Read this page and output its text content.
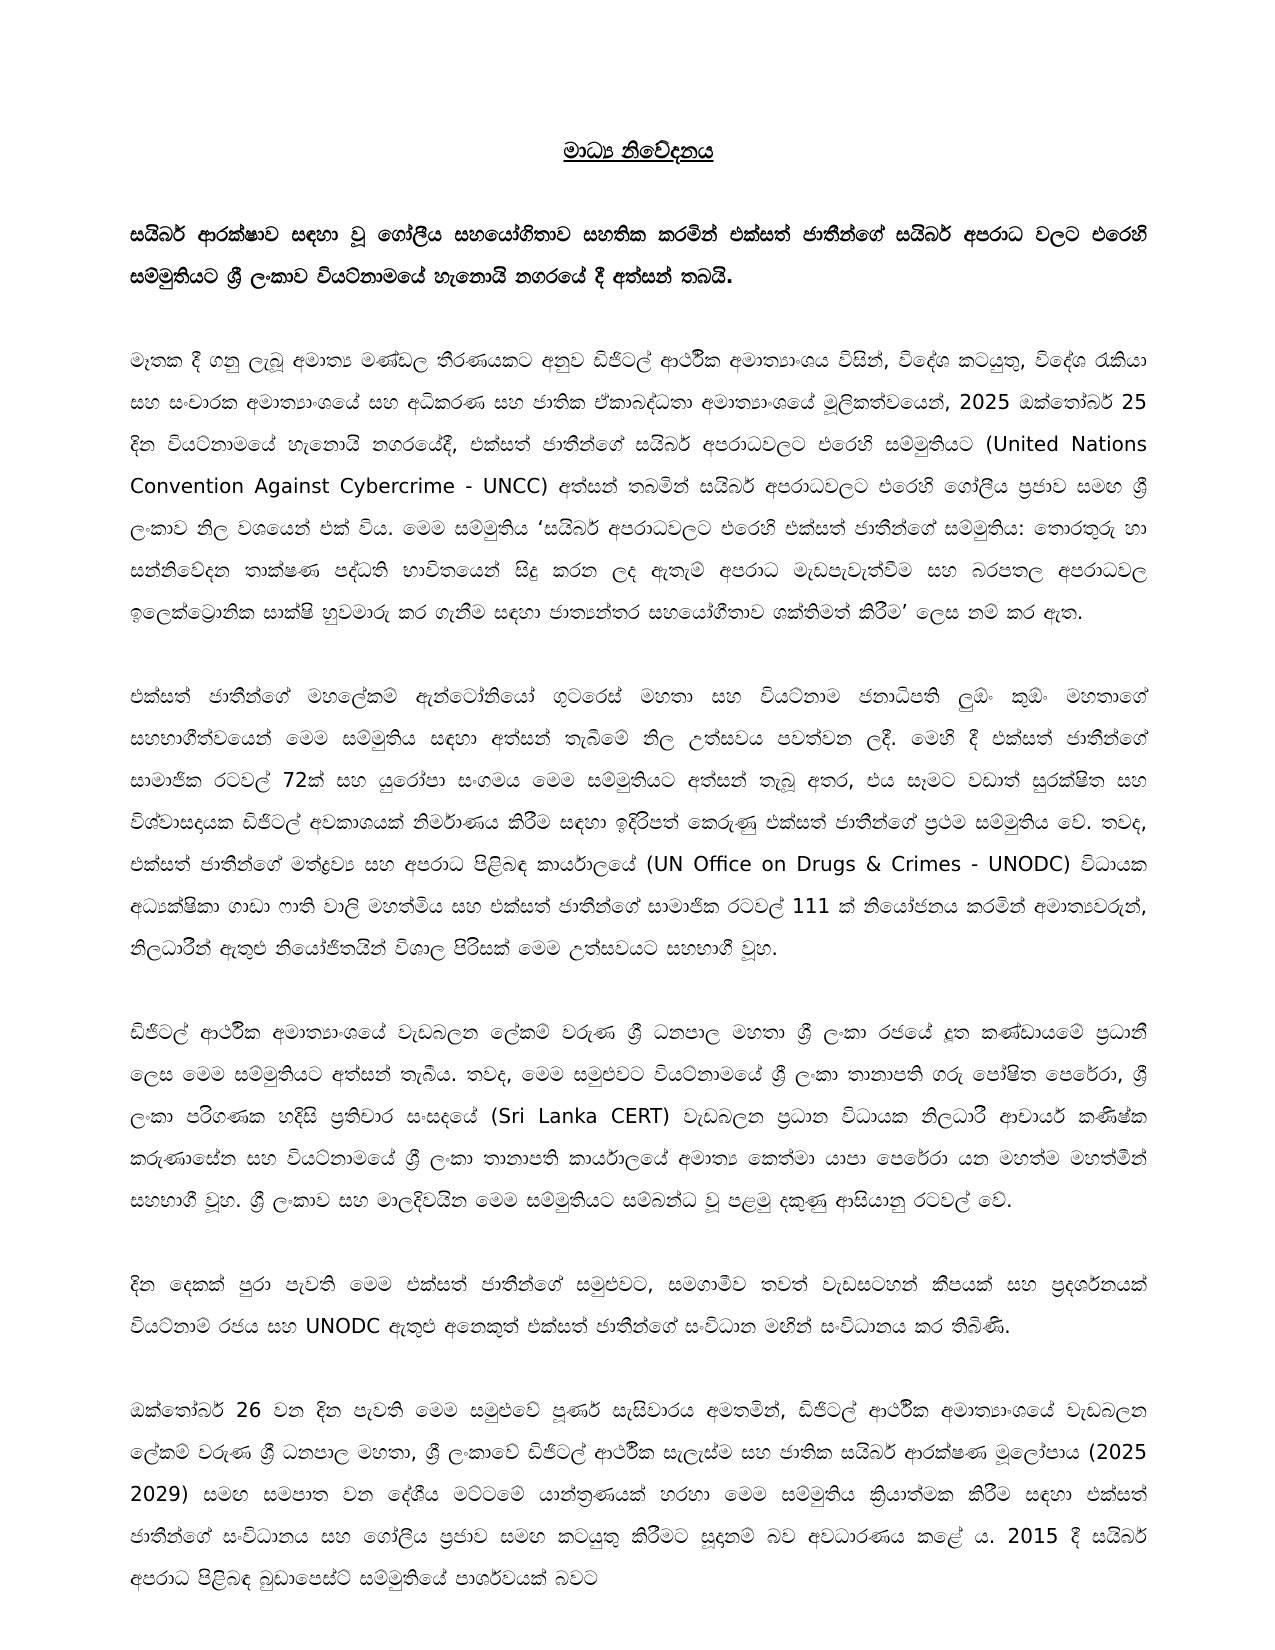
මාධ්‍ය නිවේදනය

සයිබර් ආරක්ෂාව සඳහා වූ ගෝලීය සහයෝගිතාව සහතික කරමින් එක්සත් ජාතීන්ගේ සයිබර් අපරාධ වලට එරෙහි සම්මුතියට ශ්‍රී ලංකාව වියට්නාමයේ හැනොයි නගරයේ දී අත්සන් තබයි.

මෑතක දී ගනු ලැබූ අමාත්‍ය මණ්ඩල තීරණයකට අනුව ඩිජිටල් ආර්ථික අමාත්‍යාංශය විසින්, විදේශ කටයුතු, විදේශ රැකියා සහ සංචාරක අමාත්‍යාංශයේ සහ අධිකරණ සහ ජාතික ඒකාබද්ධතා අමාත්‍යාංශයේ මූලිකත්වයෙන්, 2025 ඔක්තෝබර් 25 දින වියට්නාමයේ හැනොයි නගරයේදී, එක්සත් ජාතීන්ගේ සයිබර් අපරාධවලට එරෙහි සම්මුතියට (United Nations Convention Against Cybercrime - UNCC) අත්සන් තබමින් සයිබර් අපරාධවලට එරෙහි ගෝලීය ප්‍රජාව සමඟ ශ්‍රී ලංකාව නිල වශයෙන් එක් විය. මෙම සම්මුතිය ‘සයිබර් අපරාධවලට එරෙහි එක්සත් ජාතීන්ගේ සම්මුතිය: තොරතුරු හා සන්නිවේදන තාක්ෂණ පද්ධති භාවිතයෙන් සිදු කරන ලද ඇතැම් අපරාධ මැඩපැවැත්වීම සහ බරපතල අපරාධවල ඉලෙක්ට්‍රොනික සාක්ෂි හුවමාරු කර ගැනීම සඳහා ජාත්‍යන්තර සහයෝගීතාව ශක්තිමත් කිරීම’ ලෙස නම් කර ඇත.

එක්සත් ජාතීන්ගේ මහලේකම් ඇන්ටෝනියෝ ගුටරෙස් මහතා සහ වියට්නාම ජනාධිපති ලුඕං කුඕං මහතාගේ සහභාගීත්වයෙන් මෙම සම්මුතිය සඳහා අත්සන් තැබීමේ නිල උත්සවය පවත්වන ලදී. මෙහි දී එක්සත් ජාතීන්ගේ සාමාජික රටවල් 72ක් සහ යුරෝපා සංගමය මෙම සම්මුතියට අත්සන් තැබූ අතර, එය සෑමට වඩාත් සුරක්ෂිත සහ විශ්වාසදායක ඩිජිටල් අවකාශයක් නිර්මාණය කිරීම සඳහා ඉදිරිපත් කෙරුණු එක්සත් ජාතීන්ගේ ප්‍රථම සම්මුතිය වේ. තවද, එක්සත් ජාතීන්ගේ මත්ද්‍රව්‍ය සහ අපරාධ පිළිබඳ කාර්යාලයේ (UN Office on Drugs & Crimes - UNODC) විධායක අධ්‍යක්ෂිකා ගාඩා ෆාති වාලි මහත්මිය සහ එක්සත් ජාතීන්ගේ සාමාජික රටවල් 111 ක් නියෝජනය කරමින් අමාත්‍යවරුන්, නිලධාරීන් ඇතුළු නියෝජිතයින් විශාල පිරිසක් මෙම උත්සවයට සහභාගී වූහ.

ඩිජිටල් ආර්ථික අමාත්‍යාංශයේ වැඩබලන ලේකම් වරුණ ශ්‍රී ධනපාල මහතා ශ්‍රී ලංකා රජයේ දූත කණ්ඩායමේ ප්‍රධානී ලෙස මෙම සම්මුතියට අත්සන් තැබීය. තවද, මෙම සමුළුවට වියට්නාමයේ ශ්‍රී ලංකා තානාපති ගරු පෝෂිත පෙරේරා, ශ්‍රී ලංකා පරිගණක හදිසි ප්‍රතිචාර සංසදයේ (Sri Lanka CERT) වැඩබලන ප්‍රධාන විධායක නිලධාරී ආචාර්ය කණිෂ්ක කරුණාසේන සහ වියට්නාමයේ ශ්‍රී ලංකා තානාපති කාර්යාලයේ අමාත්‍ය කෙත්මා යාපා පෙරේරා යන මහත්ම මහත්මීන් සහභාගී වූහ. ශ්‍රී ලංකාව සහ මාලදිවයින මෙම සම්මුතියට සම්බන්ධ වූ පළමු දකුණු ආසියානු රටවල් වේ.

දින දෙකක් පුරා පැවති මෙම එක්සත් ජාතීන්ගේ සමුළුවට, සමගාමීව තවත් වැඩසටහන් කීපයක් සහ ප්‍රදර්ශනයක් වියට්නාම් රජය සහ UNODC ඇතුළු අනෙකුත් එක්සත් ජාතීන්ගේ සංවිධාන මඟින් සංවිධානය කර තිබිණි.

ඔක්තෝබර් 26 වන දින පැවති මෙම සමුළුවේ පූර්ණ සැසිවාරය අමතමින්, ඩිජිටල් ආර්ථික අමාත්‍යාංශයේ වැඩබලන ලේකම් වරුණ ශ්‍රී ධනපාල මහතා, ශ්‍රී ලංකාවේ ඩිජිටල් ආර්ථික සැලැස්ම සහ ජාතික සයිබර් ආරක්ෂණ මූලෝපාය (2025 2029) සමඟ සමපාත වන දේශීය මට්ටමේ යාන්ත්‍රණයක් හරහා මෙම සම්මුතිය ක්‍රියාත්මක කිරීම සඳහා එක්සත් ජාතීන්ගේ සංවිධානය සහ ගෝලීය ප්‍රජාව සමඟ කටයුතු කිරීමට සූදානම් බව අවධාරණය කළේ ය. 2015 දී සයිබර් අපරාධ පිළිබඳ බුඩාපෙස්ට් සම්මුතියේ පාර්ශවයක් බවට
